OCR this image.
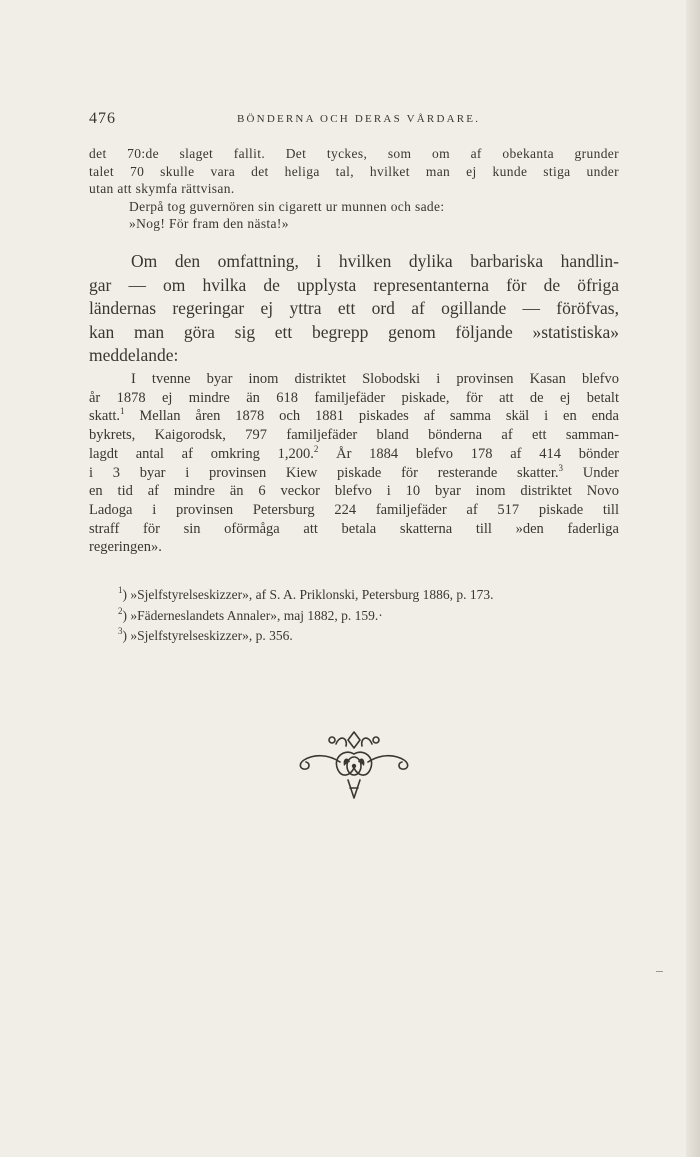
476	BÖNDERNA OCH DERAS VÅRDARE.
det 70:de slaget fallit. Det tyckes, som om af obekanta grunder
talet 70 skulle vara det heliga tal, hvilket man ej kunde stiga under
utan att skymfa rättvisan.
Derpå tog guvernören sin cigarett ur munnen och sade:
»Nog! För fram den nästa!»
Om den omfattning, i hvilken dylika barbariska handlin-
gar — om hvilka de upplysta representanterna för de öfriga
ländernas regeringar ej yttra ett ord af ogillande — föröfvas,
kan man göra sig ett begrepp genom följande »statistiska»
meddelande:
I tvenne byar inom distriktet Slobodski i provinsen Kasan blefvo
år 1878 ej mindre än 618 familjefäder piskade, för att de ej betalt
skatt.$^1$ Mellan åren 1878 och 1881 piskades af samma skäl i en enda
bykrets, Kaigorodsk, 797 familjefäder bland bönderna af ett samman-
lagdt antal af omkring 1,200.$^2$ År 1884 blefvo 178 af 414 bönder
i 3 byar i provinsen Kiew piskade för resterande skatter.$^3$ Under
en tid af mindre än 6 veckor blefvo i 10 byar inom distriktet Novo
Ladoga i provinsen Petersburg 224 familjefäder af 517 piskade till
straff för sin oförmåga att betala skatterna till »den faderliga
regeringen».
$^1$) »Sjelfstyrelseskizzer», af S. A. Priklonski, Petersburg 1886, p. 173.
$^2$) »Fäderneslandets Annaler», maj 1882, p. 159.·
$^3$) »Sjelfstyrelseskizzer», p. 356.
